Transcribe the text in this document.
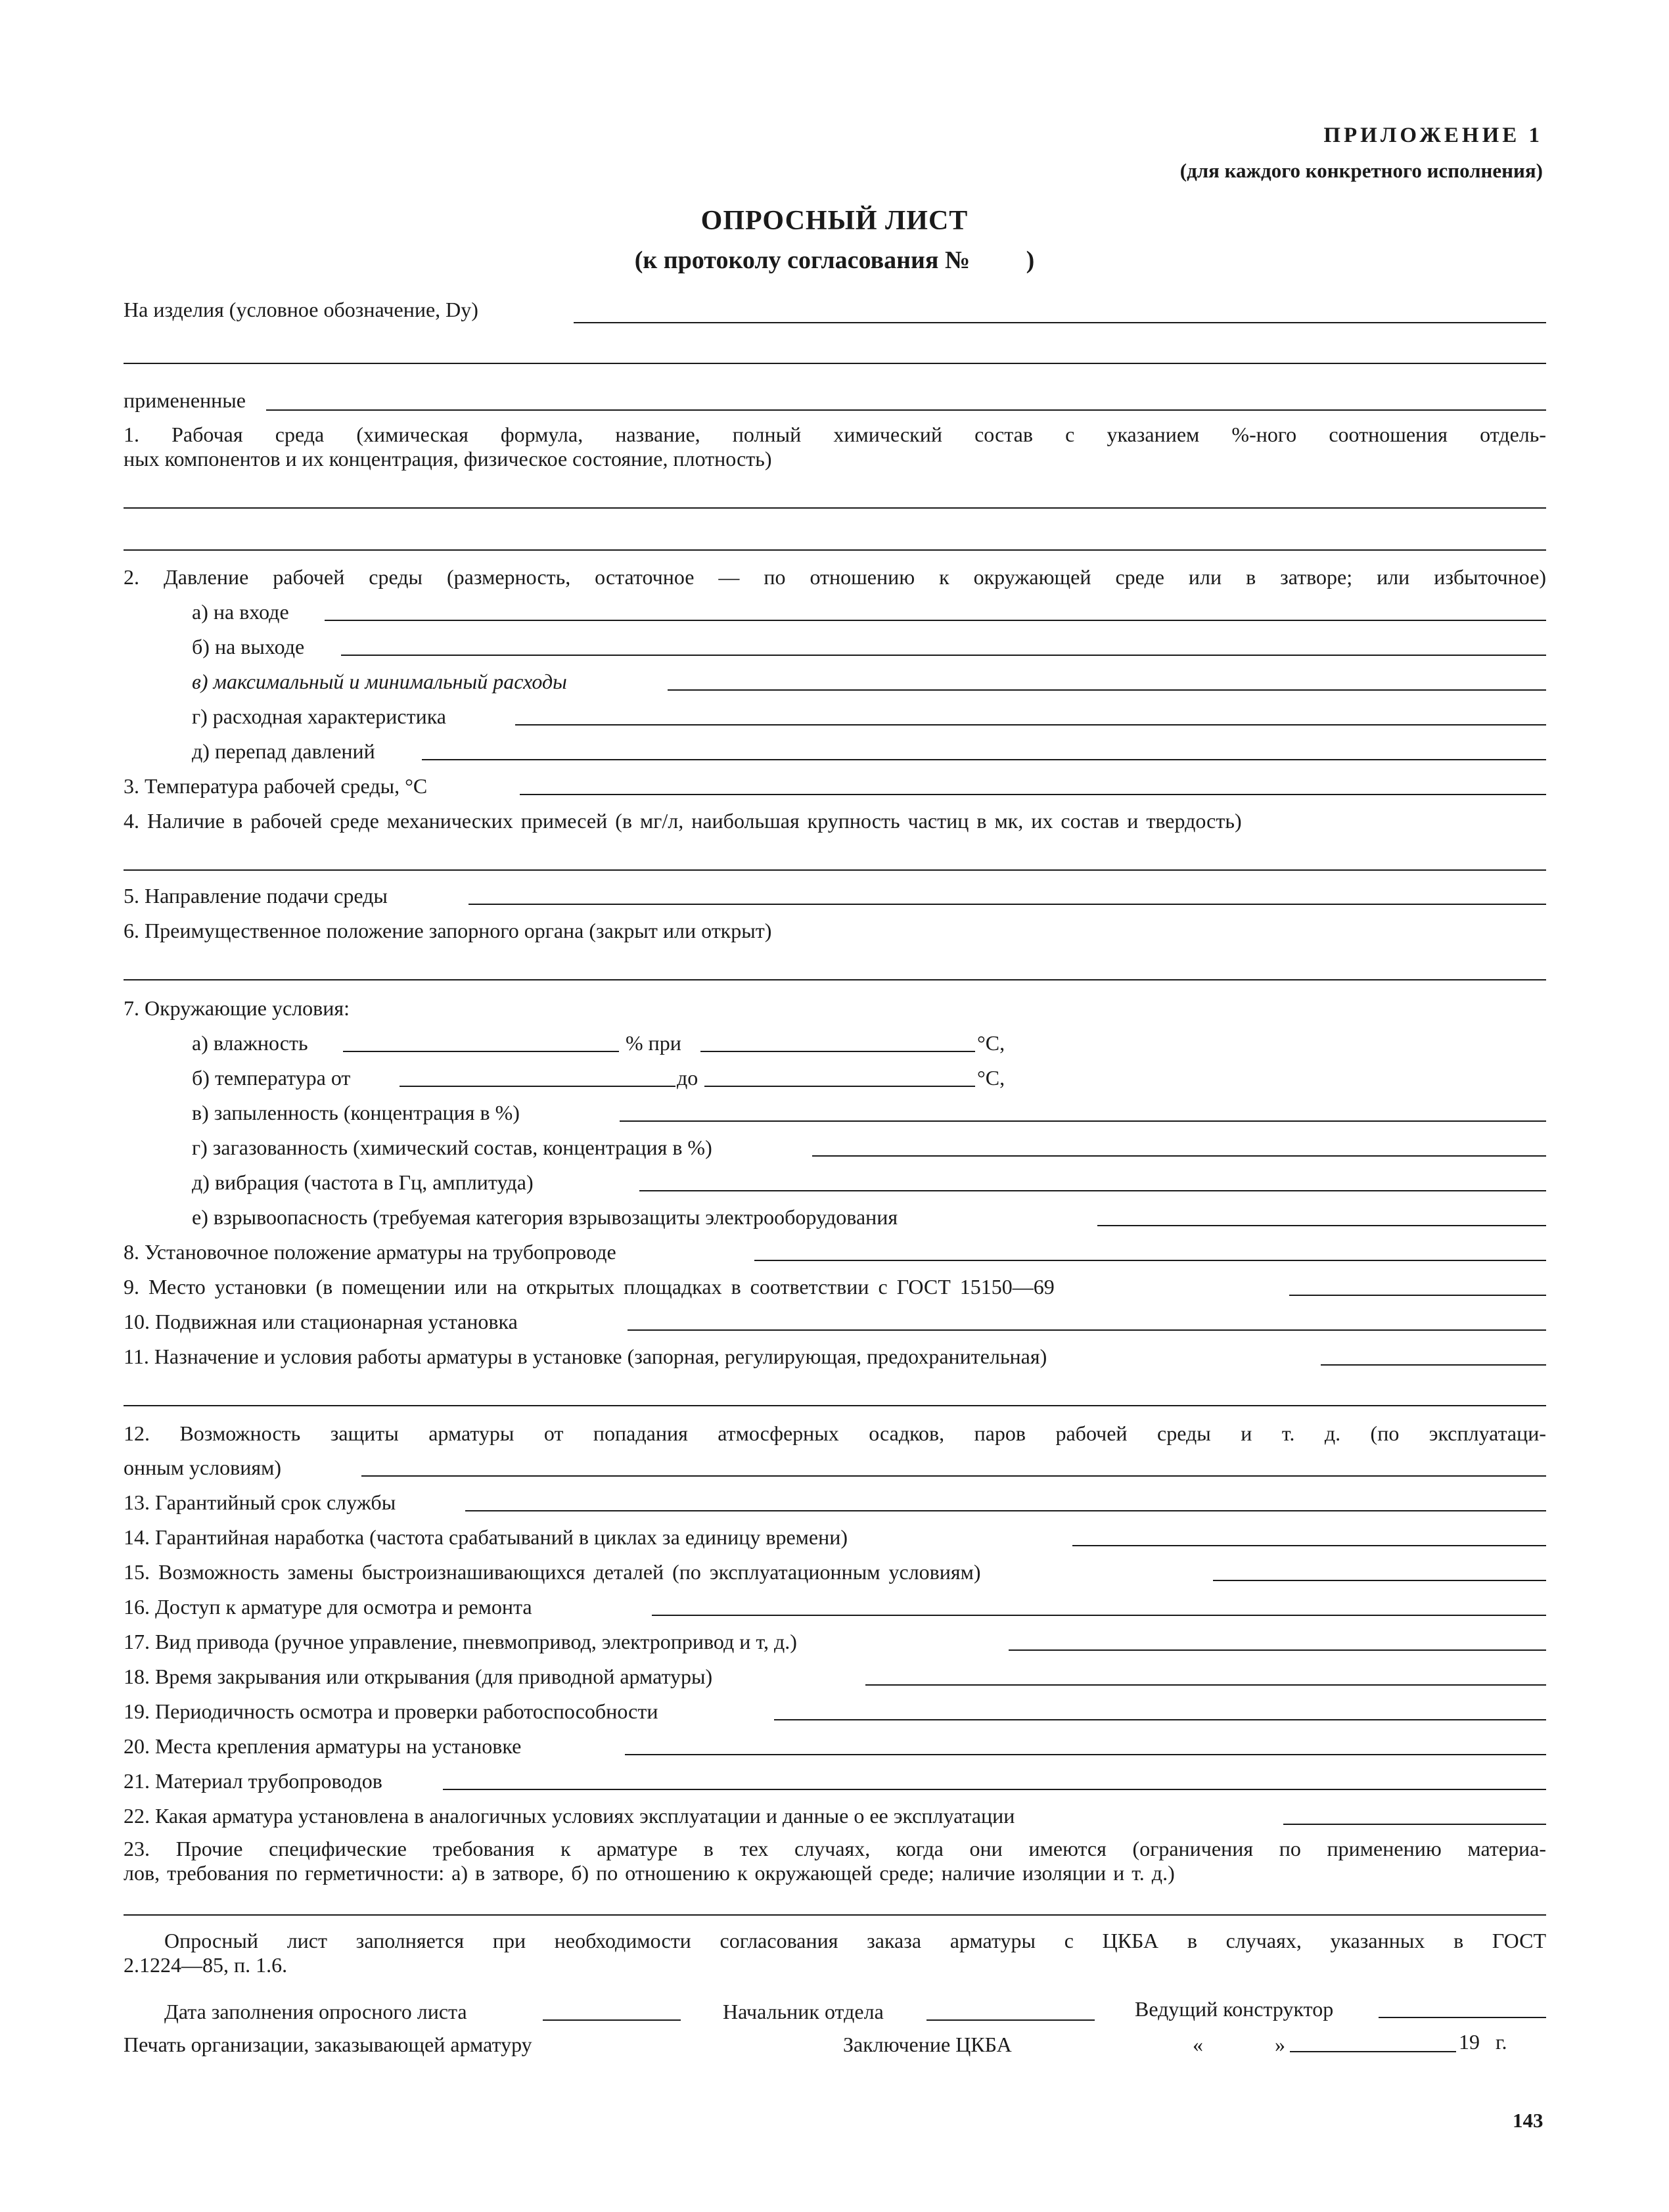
ПРИЛОЖЕНИЕ 1
(для каждого конкретного исполнения)
ОПРОСНЫЙ ЛИСТ
(к протоколу согласования №         )
На изделия (условное обозначение, Dу)
примененные
1. Рабочая среда (химическая формула, название, полный химический состав с указанием %-ного соотношения отдель-
ных компонентов и их концентрация, физическое состояние, плотность)
2. Давление рабочей среды (размерность, остаточное — по отношению к окружающей среде или в затворе; или избыточное)
а) на входе
б) на выходе
в) максимальный и минимальный расходы
г) расходная характеристика
д) перепад давлений
3. Температура рабочей среды, °C
4. Наличие в рабочей среде механических примесей (в мг/л, наибольшая крупность частиц в мк, их состав и твердость)
5. Направление подачи среды
6. Преимущественное положение запорного органа (закрыт или открыт)
7. Окружающие условия:
а) влажность	% при	°C,
б) температура от	до	°C,
в) запыленность (концентрация в %)
г) загазованность (химический состав, концентрация в %)
д) вибрация (частота в Гц, амплитуда)
е) взрывоопасность (требуемая категория взрывозащиты электрооборудования
8. Установочное положение арматуры на трубопроводе
9. Место установки (в помещении или на открытых площадках в соответствии с ГОСТ 15150—69
10. Подвижная или стационарная установка
11. Назначение и условия работы арматуры в установке (запорная, регулирующая, предохранительная)
12. Возможность защиты арматуры от попадания атмосферных осадков, паров рабочей среды и т. д. (по эксплуатаци-
онным условиям)
13. Гарантийный срок службы
14. Гарантийная наработка (частота срабатываний в циклах за единицу времени)
15. Возможность замены быстроизнашивающихся деталей (по эксплуатационным условиям)
16. Доступ к арматуре для осмотра и ремонта
17. Вид привода (ручное управление, пневмопривод, электропривод и т, д.)
18. Время закрывания или открывания (для приводной арматуры)
19. Периодичность осмотра и проверки работоспособности
20. Места крепления арматуры на установке
21. Материал трубопроводов
22. Какая арматура установлена в аналогичных условиях эксплуатации и данные о ее эксплуатации
23. Прочие специфические требования к арматуре в тех случаях, когда они имеются (ограничения по применению материа-
лов, требования по герметичности: а) в затворе, б) по отношению к окружающей среде; наличие изоляции и т. д.)
Опросный лист заполняется при необходимости согласования заказа арматуры с ЦКБА в случаях, указанных в ГОСТ
2.1224—85, п. 1.6.
Дата заполнения опросного листа	Начальник отдела	Ведущий конструктор
Печать организации, заказывающей арматуру	Заключение ЦКБА	«	»	19   г.
143
